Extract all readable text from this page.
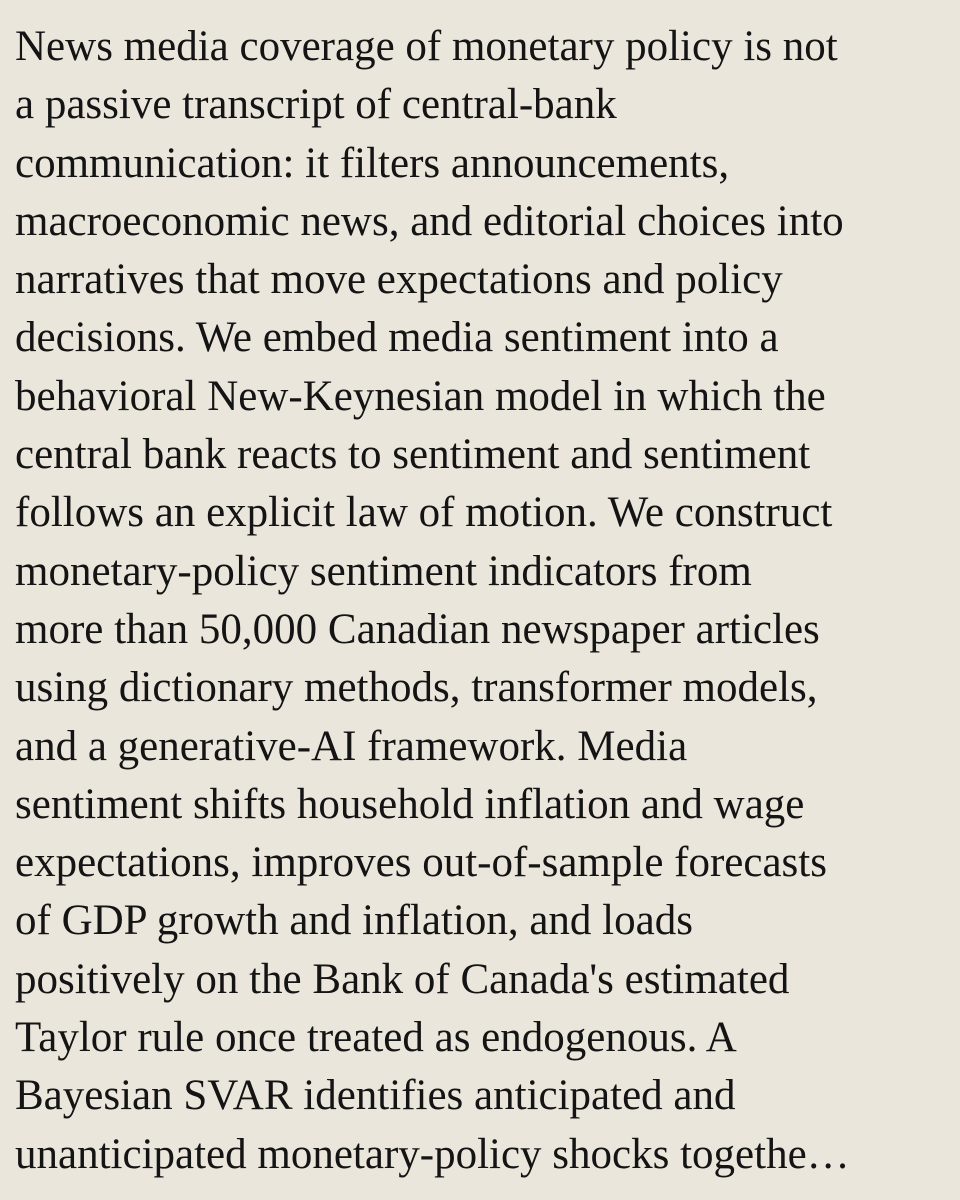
News media coverage of monetary policy is not
a passive transcript of central-bank
communication: it filters announcements,
macroeconomic news, and editorial choices into
narratives that move expectations and policy
decisions. We embed media sentiment into a
behavioral New-Keynesian model in which the
central bank reacts to sentiment and sentiment
follows an explicit law of motion. We construct
monetary-policy sentiment indicators from
more than 50,000 Canadian newspaper articles
using dictionary methods, transformer models,
and a generative-AI framework. Media
sentiment shifts household inflation and wage
expectations, improves out-of-sample forecasts
of GDP growth and inflation, and loads
positively on the Bank of Canada's estimated
Taylor rule once treated as endogenous. A
Bayesian SVAR identifies anticipated and
unanticipated monetary-policy shocks togethe…
